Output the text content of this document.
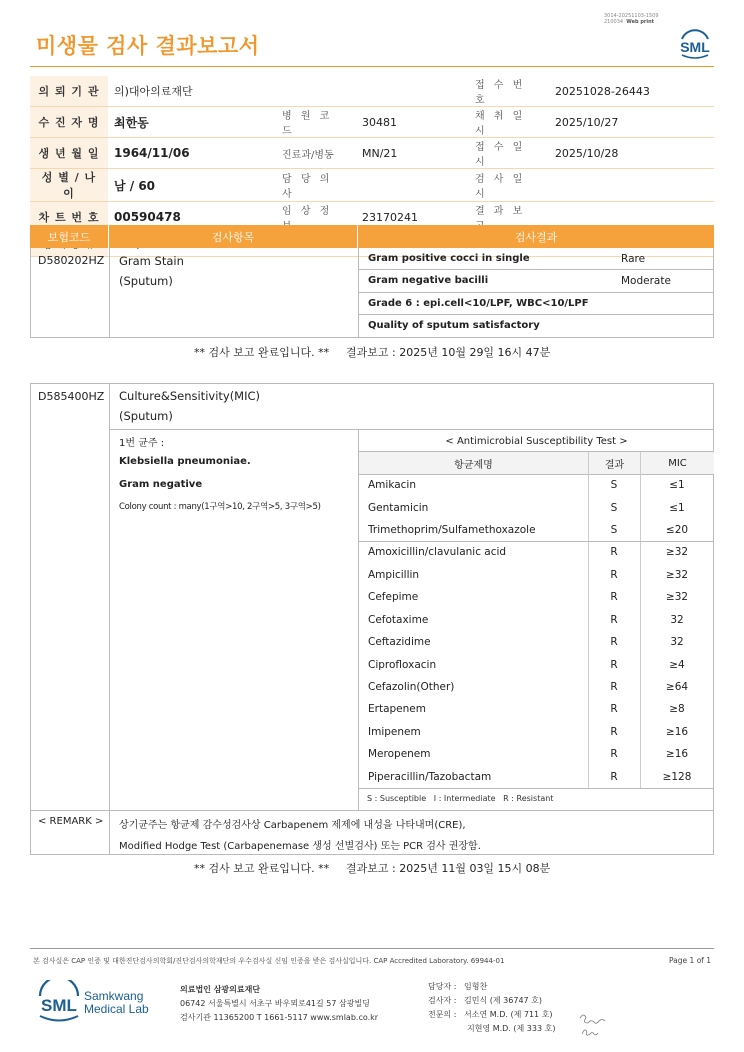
미생물 검사 결과보고서
3014-20251103-1509
210034 Web print
SML
의 뢰 기 관	의)대아의료재단			접 수 번 호	20251028-26443
수 진 자 명	최한동	병 원 코 드	30481	채 취 일 시	2025/10/27
생 년 월 일	1964/11/06	진료과/병동	MN/21	접 수 일 시	2025/10/28
성 별 / 나 이	남 / 60	담 당 의 사		검 사 일 시	
차 트 번 호	00590478	임 상 정	23170241	결 과 보	

보험코드	검사항목	검사결과
D580202HZ Gram Stain
(Sputum)
Gram positive cocci in single	Rare
Gram negative bacilli	Moderate
Grade 6 : epi.cell<10/LPF, WBC<10/LPF
Quality of sputum satisfactory
** 검사 보고 완료입니다. ** 결과보고 : 2025년 10월 29일 16시 47분
D585400HZ Culture&Sensitivity(MIC)
(Sputum)
1번 균주 :
Klebsiella pneumoniae.
Gram negative
Colony count : many(1구역>10, 2구역>5, 3구역>5)
< Antimicrobial Susceptibility Test >
항균제명	결과	MIC
Amikacin	S	≤1
Gentamicin	S	≤1
Trimethoprim/Sulfamethoxazole	S	≤20
Amoxicillin/clavulanic acid	R	≥32
Ampicillin	R	≥32
Cefepime	R	≥32
Cefotaxime	R	32
Ceftazidime	R	32
Ciprofloxacin	R	≥4
Cefazolin(Other)	R	≥64
Ertapenem	R	≥8
Imipenem	R	≥16
Meropenem	R	≥16
Piperacillin/Tazobactam	R	≥128
S : Susceptible   I : Intermediate   R : Resistant
< REMARK > 상기균주는 항균제 감수성검사상 Carbapenem 제제에 내성을 나타내며(CRE),
Modified Hodge Test (Carbapenemase 생성 선별검사) 또는 PCR 검사 권장함.
** 검사 보고 완료입니다. ** 결과보고 : 2025년 11월 03일 15시 08분
본 검사실은 CAP 인증 및 대한진단검사의학회/진단검사의학재단의 우수검사실 신임 인증을 받은 검사실입니다. CAP Accredited Laboratory. 69944-01	Page 1 of 1
SML Samkwang
Medical Lab
의료법인 삼광의료재단
06742 서울특별시 서초구 바우뫼로41길 57 삼광빌딩
검사기관 11365200 T 1661-5117 www.smlab.co.kr
담당자 :   임형찬
검사자 :   김민식 (제 36747 호)
전문의 :   서소연 M.D. (제 711 호)
지현영 M.D. (제 333 호)
